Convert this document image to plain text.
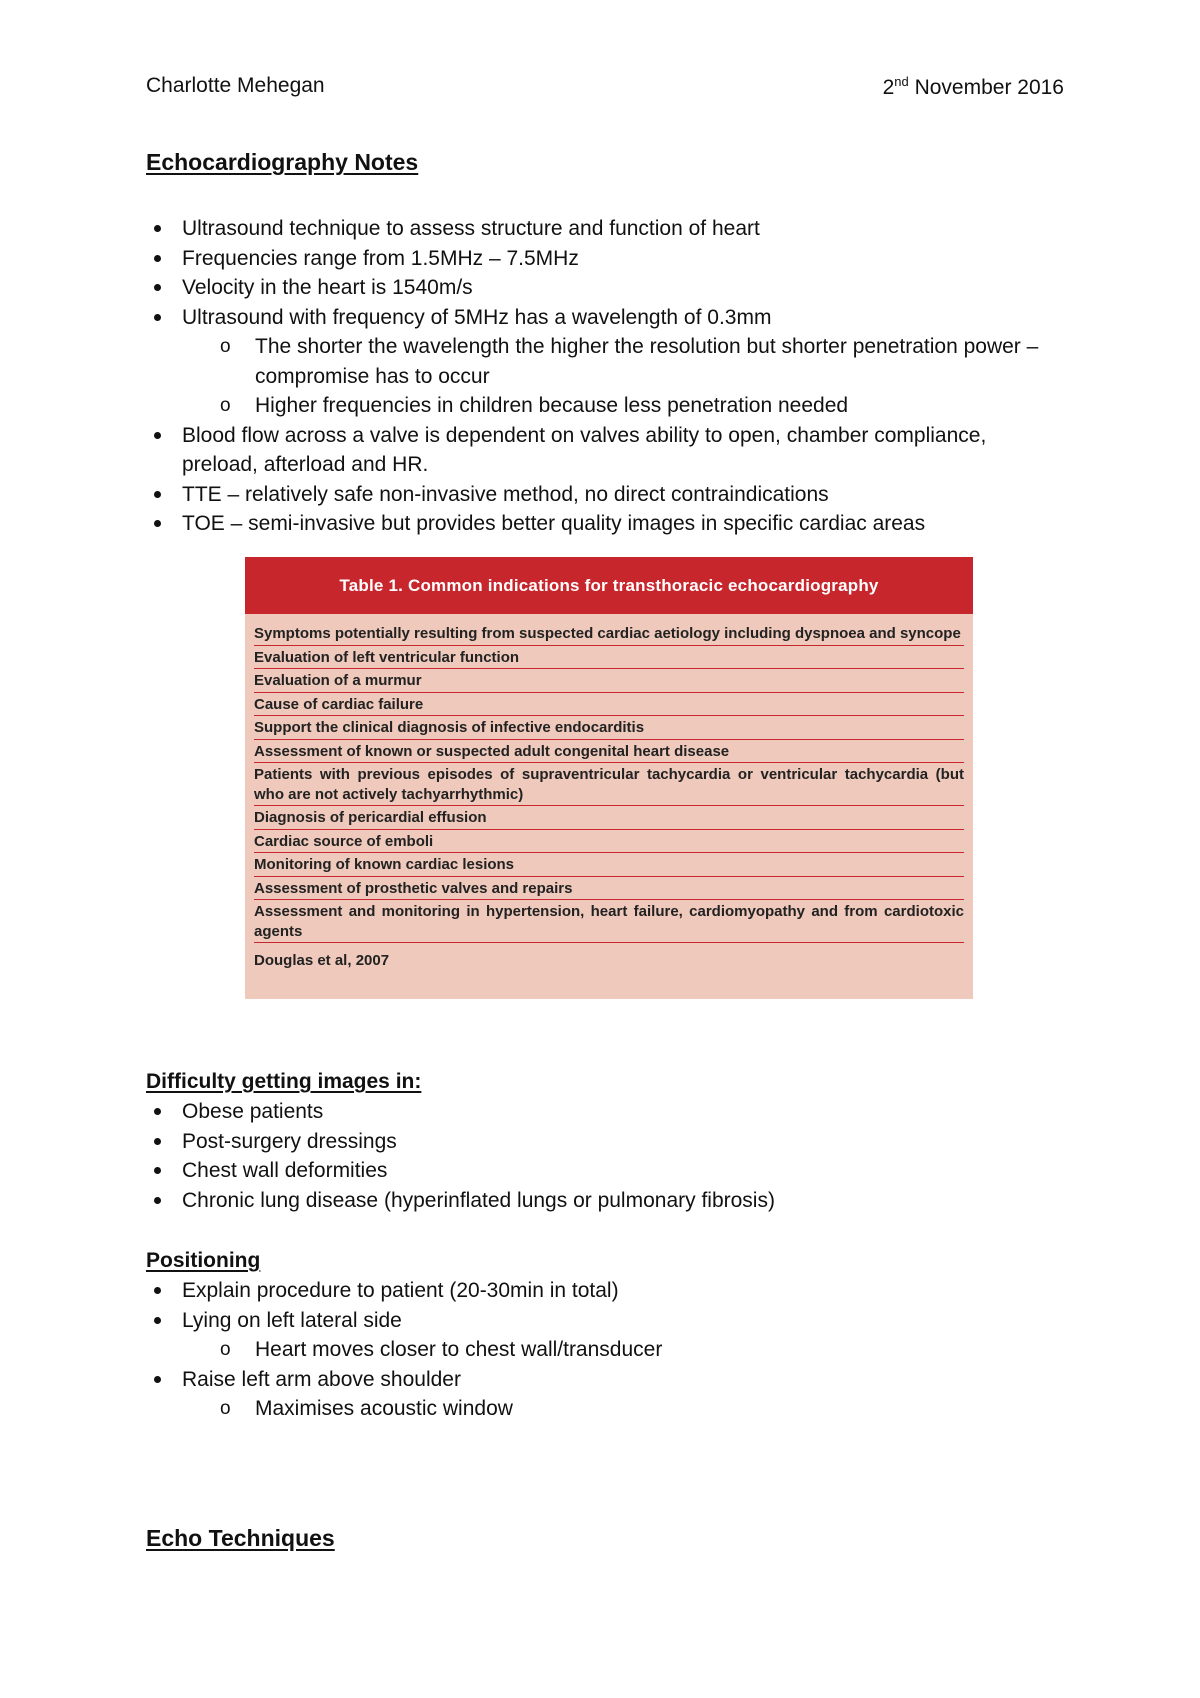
Charlotte Mehegan	2nd November 2016
Echocardiography Notes
Ultrasound technique to assess structure and function of heart
Frequencies range from 1.5MHz – 7.5MHz
Velocity in the heart is 1540m/s
Ultrasound with frequency of 5MHz has a wavelength of 0.3mm
o The shorter the wavelength the higher the resolution but shorter penetration power – compromise has to occur
o Higher frequencies in children because less penetration needed
Blood flow across a valve is dependent on valves ability to open, chamber compliance, preload, afterload and HR.
TTE – relatively safe non-invasive method, no direct contraindications
TOE – semi-invasive but provides better quality images in specific cardiac areas
Table 1. Common indications for transthoracic echocardiography
Symptoms potentially resulting from suspected cardiac aetiology including dyspnoea and syncope
Evaluation of left ventricular function
Evaluation of a murmur
Cause of cardiac failure
Support the clinical diagnosis of infective endocarditis
Assessment of known or suspected adult congenital heart disease
Patients with previous episodes of supraventricular tachycardia or ventricular tachycardia (but who are not actively tachyarrhythmic)
Diagnosis of pericardial effusion
Cardiac source of emboli
Monitoring of known cardiac lesions
Assessment of prosthetic valves and repairs
Assessment and monitoring in hypertension, heart failure, cardiomyopathy and from cardiotoxic agents
Douglas et al, 2007
Difficulty getting images in:
Obese patients
Post-surgery dressings
Chest wall deformities
Chronic lung disease (hyperinflated lungs or pulmonary fibrosis)
Positioning
Explain procedure to patient (20-30min in total)
Lying on left lateral side
o Heart moves closer to chest wall/transducer
Raise left arm above shoulder
o Maximises acoustic window
Echo Techniques
